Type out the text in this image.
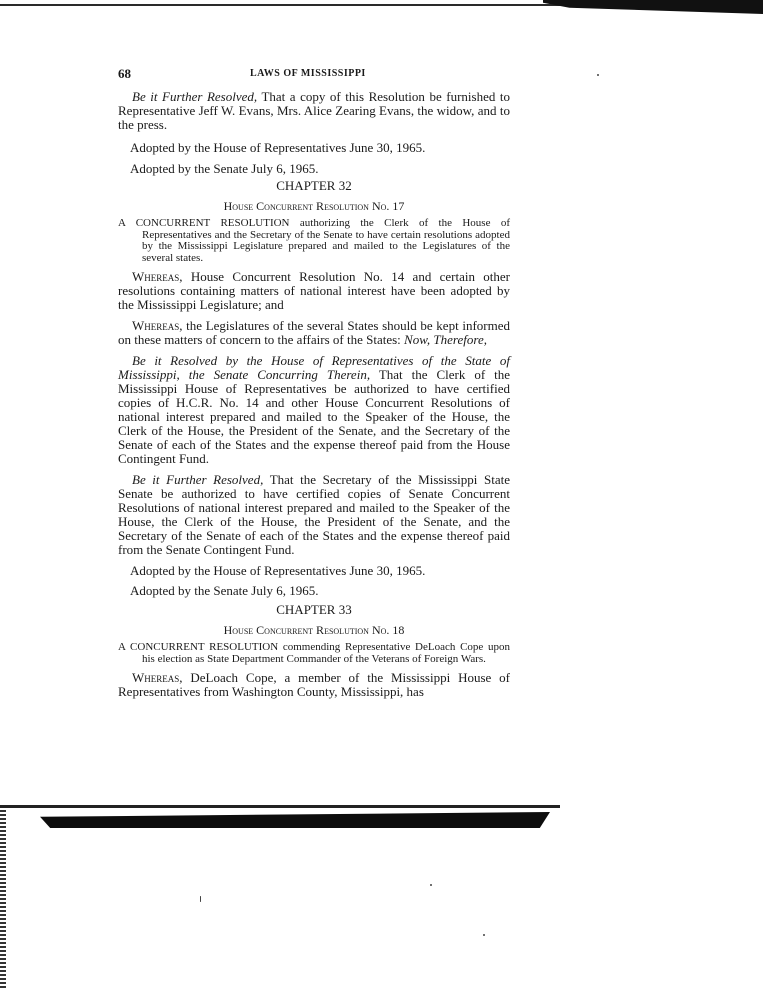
68	LAWS OF MISSISSIPPI

Be it Further Resolved, That a copy of this Resolution be furnished to Representative Jeff W. Evans, Mrs. Alice Zearing Evans, the widow, and to the press.

Adopted by the House of Representatives June 30, 1965.
Adopted by the Senate July 6, 1965.
CHAPTER 32
House Concurrent Resolution No. 17
A CONCURRENT RESOLUTION authorizing the Clerk of the House of Representatives and the Secretary of the Senate to have certain resolutions adopted by the Mississippi Legislature prepared and mailed to the Legislatures of the several states.

Whereas, House Concurrent Resolution No. 14 and certain other resolutions containing matters of national interest have been adopted by the Mississippi Legislature; and

Whereas, the Legislatures of the several States should be kept informed on these matters of concern to the affairs of the States: Now, Therefore,

Be it Resolved by the House of Representatives of the State of Mississippi, the Senate Concurring Therein, That the Clerk of the Mississippi House of Representatives be authorized to have certified copies of H.C.R. No. 14 and other House Concurrent Resolutions of national interest prepared and mailed to the Speaker of the House, the Clerk of the House, the President of the Senate, and the Secretary of the Senate of each of the States and the expense thereof paid from the House Contingent Fund.

Be it Further Resolved, That the Secretary of the Mississippi State Senate be authorized to have certified copies of Senate Concurrent Resolutions of national interest prepared and mailed to the Speaker of the House, the Clerk of the House, the President of the Senate, and the Secretary of the Senate of each of the States and the expense thereof paid from the Senate Contingent Fund.

Adopted by the House of Representatives June 30, 1965.
Adopted by the Senate July 6, 1965.
CHAPTER 33
House Concurrent Resolution No. 18
A CONCURRENT RESOLUTION commending Representative DeLoach Cope upon his election as State Department Commander of the Veterans of Foreign Wars.

Whereas, DeLoach Cope, a member of the Mississippi House of Representatives from Washington County, Mississippi, has
